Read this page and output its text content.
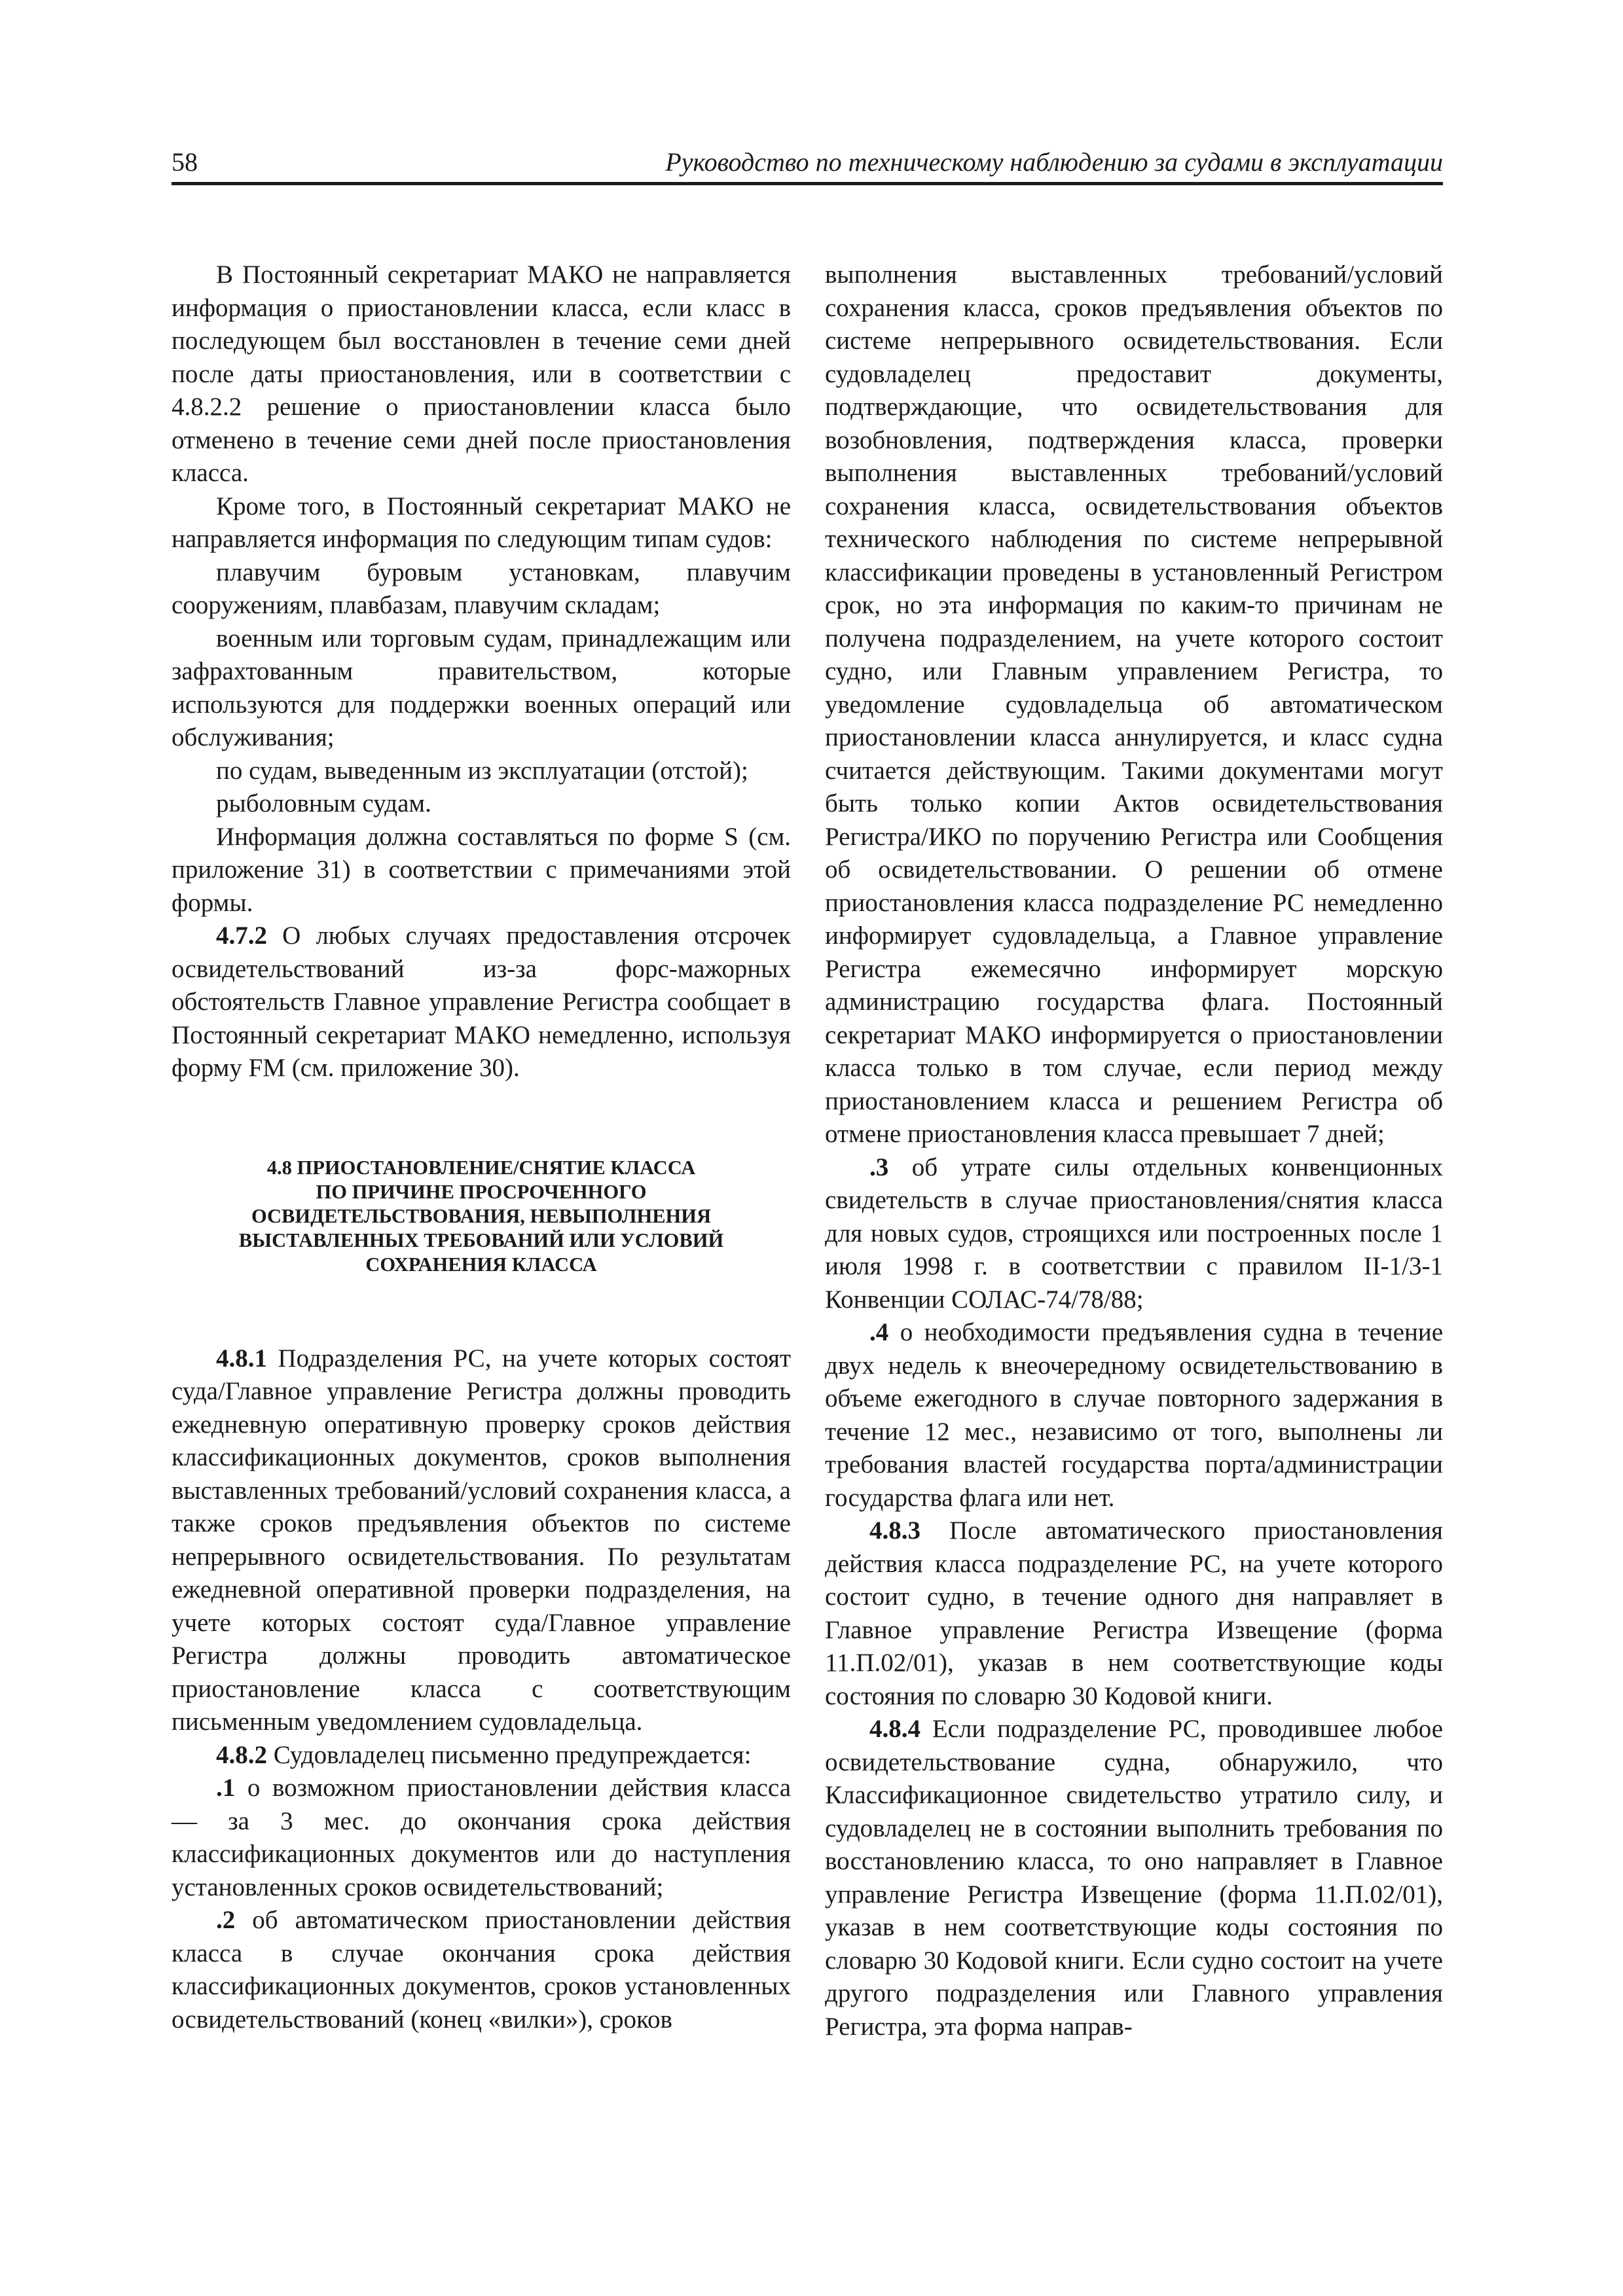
58	Руководство по техническому наблюдению за судами в эксплуатации

В Постоянный секретариат МАКО не направляется информация о приостановлении класса, если класс в последующем был восстановлен в течение семи дней после даты приостановления, или в соответствии с 4.8.2.2 решение о приостановлении класса было отменено в течение семи дней после приостановления класса.

Кроме того, в Постоянный секретариат МАКО не направляется информация по следующим типам судов:

плавучим буровым установкам, плавучим сооружениям, плавбазам, плавучим складам;

военным или торговым судам, принадлежащим или зафрахтованным правительством, которые используются для поддержки военных операций или обслуживания;

по судам, выведенным из эксплуатации (отстой);

рыболовным судам.

Информация должна составляться по форме S (см. приложение 31) в соответствии с примечаниями этой формы.

4.7.2 О любых случаях предоставления отсрочек освидетельствований из-за форс-мажорных обстоятельств Главное управление Регистра сообщает в Постоянный секретариат МАКО немедленно, используя форму FM (см. приложение 30).

4.8 ПРИОСТАНОВЛЕНИЕ/СНЯТИЕ КЛАССА
ПО ПРИЧИНЕ ПРОСРОЧЕННОГО
ОСВИДЕТЕЛЬСТВОВАНИЯ, НЕВЫПОЛНЕНИЯ
ВЫСТАВЛЕННЫХ ТРЕБОВАНИЙ ИЛИ УСЛОВИЙ
СОХРАНЕНИЯ КЛАССА

4.8.1 Подразделения РС, на учете которых состоят суда/Главное управление Регистра должны проводить ежедневную оперативную проверку сроков действия классификационных документов, сроков выполнения выставленных требований/условий сохранения класса, а также сроков предъявления объектов по системе непрерывного освидетельствования. По результатам ежедневной оперативной проверки подразделения, на учете которых состоят суда/Главное управление Регистра должны проводить автоматическое приостановление класса с соответствующим письменным уведомлением судовладельца.

4.8.2 Судовладелец письменно предупреждается:

.1 о возможном приостановлении действия класса — за 3 мес. до окончания срока действия классификационных документов или до наступления установленных сроков освидетельствований;

.2 об автоматическом приостановлении действия класса в случае окончания срока действия классификационных документов, сроков установленных освидетельствований (конец «вилки»), сроков

выполнения выставленных требований/условий сохранения класса, сроков предъявления объектов по системе непрерывного освидетельствования. Если судовладелец предоставит документы, подтверждающие, что освидетельствования для возобновления, подтверждения класса, проверки выполнения выставленных требований/условий сохранения класса, освидетельствования объектов технического наблюдения по системе непрерывной классификации проведены в установленный Регистром срок, но эта информация по каким-то причинам не получена подразделением, на учете которого состоит судно, или Главным управлением Регистра, то уведомление судовладельца об автоматическом приостановлении класса аннулируется, и класс судна считается действующим. Такими документами могут быть только копии Актов освидетельствования Регистра/ИКО по поручению Регистра или Сообщения об освидетельствовании. О решении об отмене приостановления класса подразделение РС немедленно информирует судовладельца, а Главное управление Регистра ежемесячно информирует морскую администрацию государства флага. Постоянный секретариат МАКО информируется о приостановлении класса только в том случае, если период между приостановлением класса и решением Регистра об отмене приостановления класса превышает 7 дней;

.3 об утрате силы отдельных конвенционных свидетельств в случае приостановления/снятия класса для новых судов, строящихся или построенных после 1 июля 1998 г. в соответствии с правилом II-1/3-1 Конвенции СОЛАС-74/78/88;

.4 о необходимости предъявления судна в течение двух недель к внеочередному освидетельствованию в объеме ежегодного в случае повторного задержания в течение 12 мес., независимо от того, выполнены ли требования властей государства порта/администрации государства флага или нет.

4.8.3 После автоматического приостановления действия класса подразделение РС, на учете которого состоит судно, в течение одного дня направляет в Главное управление Регистра Извещение (форма 11.П.02/01), указав в нем соответствующие коды состояния по словарю 30 Кодовой книги.

4.8.4 Если подразделение РС, проводившее любое освидетельствование судна, обнаружило, что Классификационное свидетельство утратило силу, и судовладелец не в состоянии выполнить требования по восстановлению класса, то оно направляет в Главное управление Регистра Извещение (форма 11.П.02/01), указав в нем соответствующие коды состояния по словарю 30 Кодовой книги. Если судно состоит на учете другого подразделения или Главного управления Регистра, эта форма направ-
